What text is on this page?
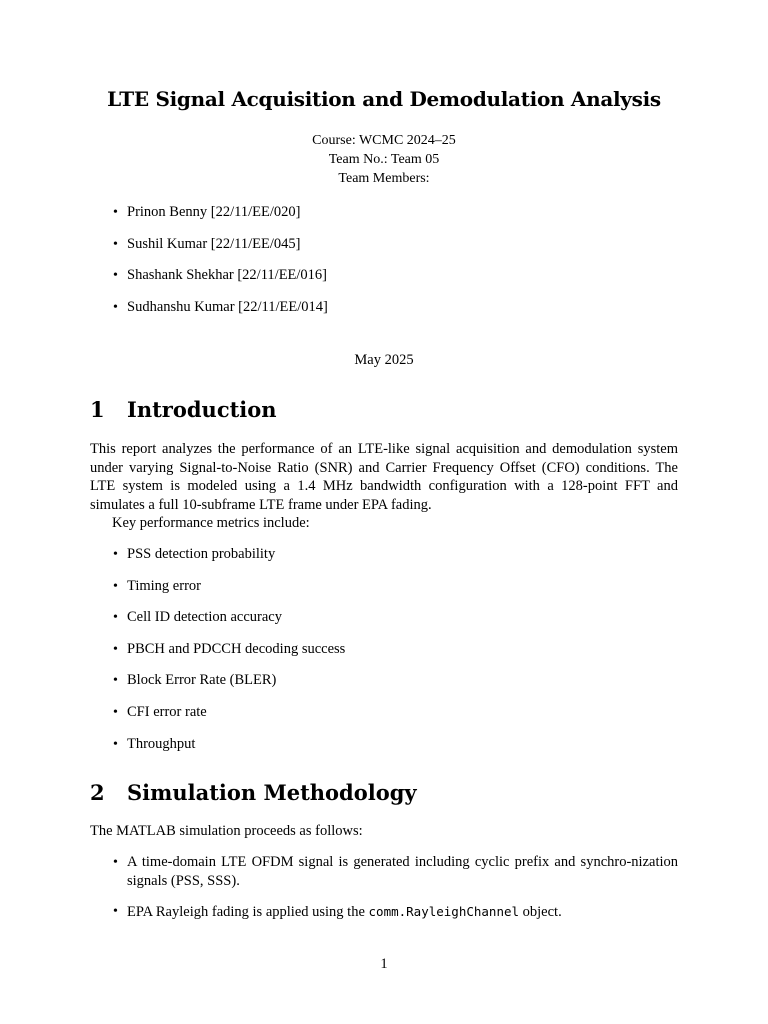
LTE Signal Acquisition and Demodulation Analysis
Course: WCMC 2024–25
Team No.: Team 05
Team Members:
• Prinon Benny [22/11/EE/020]
• Sushil Kumar [22/11/EE/045]
• Shashank Shekhar [22/11/EE/016]
• Sudhanshu Kumar [22/11/EE/014]
May 2025
1 Introduction
This report analyzes the performance of an LTE-like signal acquisition and demodulation system under varying Signal-to-Noise Ratio (SNR) and Carrier Frequency Offset (CFO) conditions. The LTE system is modeled using a 1.4 MHz bandwidth configuration with a 128-point FFT and simulates a full 10-subframe LTE frame under EPA fading.
Key performance metrics include:
• PSS detection probability
• Timing error
• Cell ID detection accuracy
• PBCH and PDCCH decoding success
• Block Error Rate (BLER)
• CFI error rate
• Throughput
2 Simulation Methodology
The MATLAB simulation proceeds as follows:
• A time-domain LTE OFDM signal is generated including cyclic prefix and synchro-nization signals (PSS, SSS).
• EPA Rayleigh fading is applied using the comm.RayleighChannel object.
1
